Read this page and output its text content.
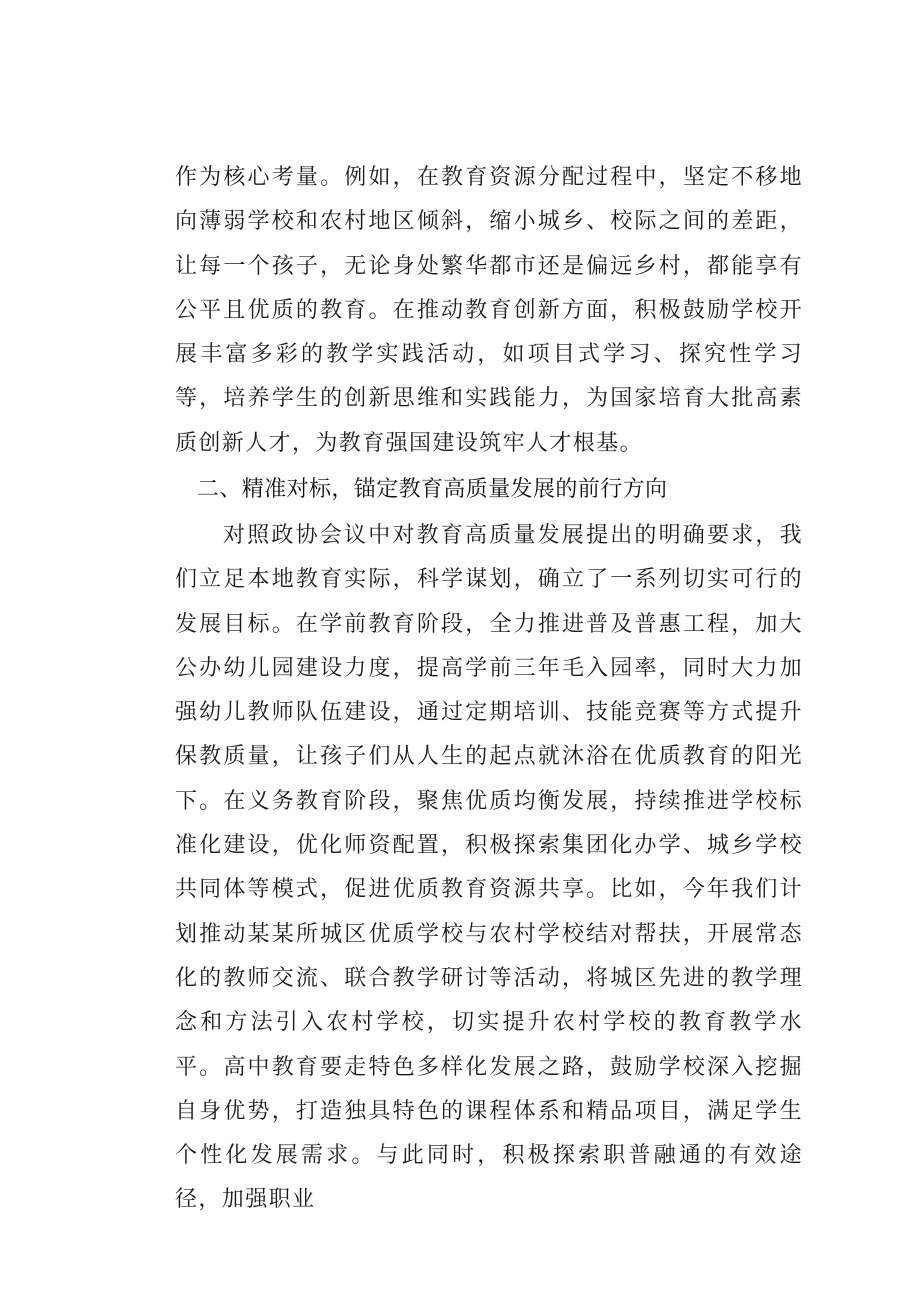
作为核心考量。例如，在教育资源分配过程中，坚定不移地向薄弱学校和农村地区倾斜，缩小城乡、校际之间的差距，让每一个孩子，无论身处繁华都市还是偏远乡村，都能享有公平且优质的教育。在推动教育创新方面，积极鼓励学校开展丰富多彩的教学实践活动，如项目式学习、探究性学习等，培养学生的创新思维和实践能力，为国家培育大批高素质创新人才，为教育强国建设筑牢人才根基。

二、精准对标，锚定教育高质量发展的前行方向

对照政协会议中对教育高质量发展提出的明确要求，我们立足本地教育实际，科学谋划，确立了一系列切实可行的发展目标。在学前教育阶段，全力推进普及普惠工程，加大公办幼儿园建设力度，提高学前三年毛入园率，同时大力加强幼儿教师队伍建设，通过定期培训、技能竞赛等方式提升保教质量，让孩子们从人生的起点就沐浴在优质教育的阳光下。在义务教育阶段，聚焦优质均衡发展，持续推进学校标准化建设，优化师资配置，积极探索集团化办学、城乡学校共同体等模式，促进优质教育资源共享。比如，今年我们计划推动某某所城区优质学校与农村学校结对帮扶，开展常态化的教师交流、联合教学研讨等活动，将城区先进的教学理念和方法引入农村学校，切实提升农村学校的教育教学水平。高中教育要走特色多样化发展之路，鼓励学校深入挖掘自身优势，打造独具特色的课程体系和精品项目，满足学生个性化发展需求。与此同时，积极探索职普融通的有效途径，加强职业
